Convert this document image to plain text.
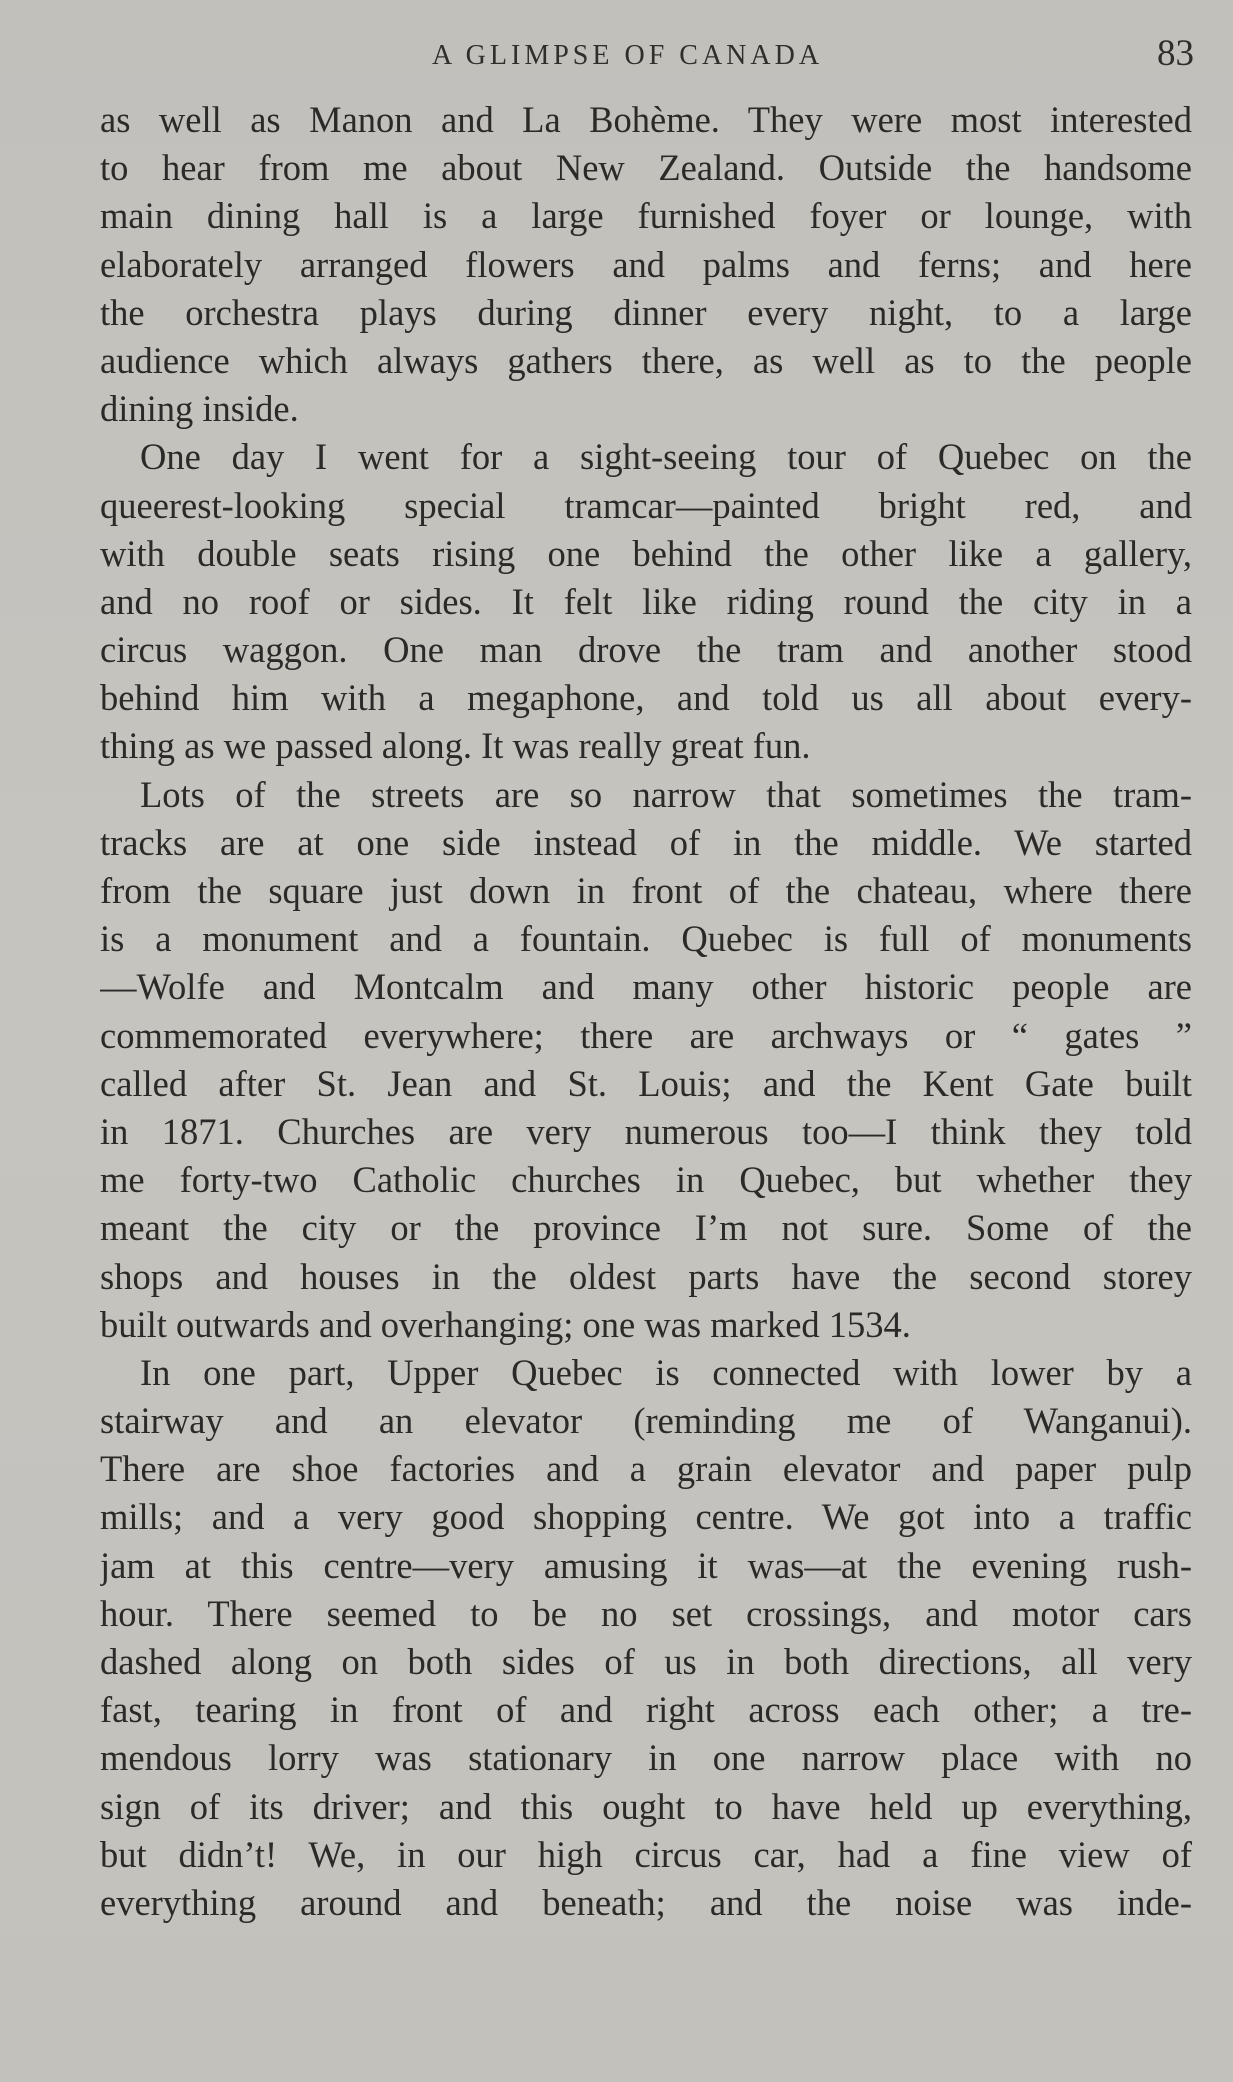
A GLIMPSE OF CANADA	83
as well as Manon and La Bohème. They were most interested
to hear from me about New Zealand. Outside the handsome
main dining hall is a large furnished foyer or lounge, with
elaborately arranged flowers and palms and ferns; and here
the orchestra plays during dinner every night, to a large
audience which always gathers there, as well as to the people
dining inside.
One day I went for a sight-seeing tour of Quebec on the
queerest-looking special tramcar—painted bright red, and
with double seats rising one behind the other like a gallery,
and no roof or sides. It felt like riding round the city in a
circus waggon. One man drove the tram and another stood
behind him with a megaphone, and told us all about every-
thing as we passed along. It was really great fun.
Lots of the streets are so narrow that sometimes the tram-
tracks are at one side instead of in the middle. We started
from the square just down in front of the chateau, where there
is a monument and a fountain. Quebec is full of monuments
—Wolfe and Montcalm and many other historic people are
commemorated everywhere; there are archways or “ gates ”
called after St. Jean and St. Louis; and the Kent Gate built
in 1871. Churches are very numerous too—I think they told
me forty-two Catholic churches in Quebec, but whether they
meant the city or the province I’m not sure. Some of the
shops and houses in the oldest parts have the second storey
built outwards and overhanging; one was marked 1534.
In one part, Upper Quebec is connected with lower by a
stairway and an elevator (reminding me of Wanganui).
There are shoe factories and a grain elevator and paper pulp
mills; and a very good shopping centre. We got into a traffic
jam at this centre—very amusing it was—at the evening rush-
hour. There seemed to be no set crossings, and motor cars
dashed along on both sides of us in both directions, all very
fast, tearing in front of and right across each other; a tre-
mendous lorry was stationary in one narrow place with no
sign of its driver; and this ought to have held up everything,
but didn’t! We, in our high circus car, had a fine view of
everything around and beneath; and the noise was inde-
